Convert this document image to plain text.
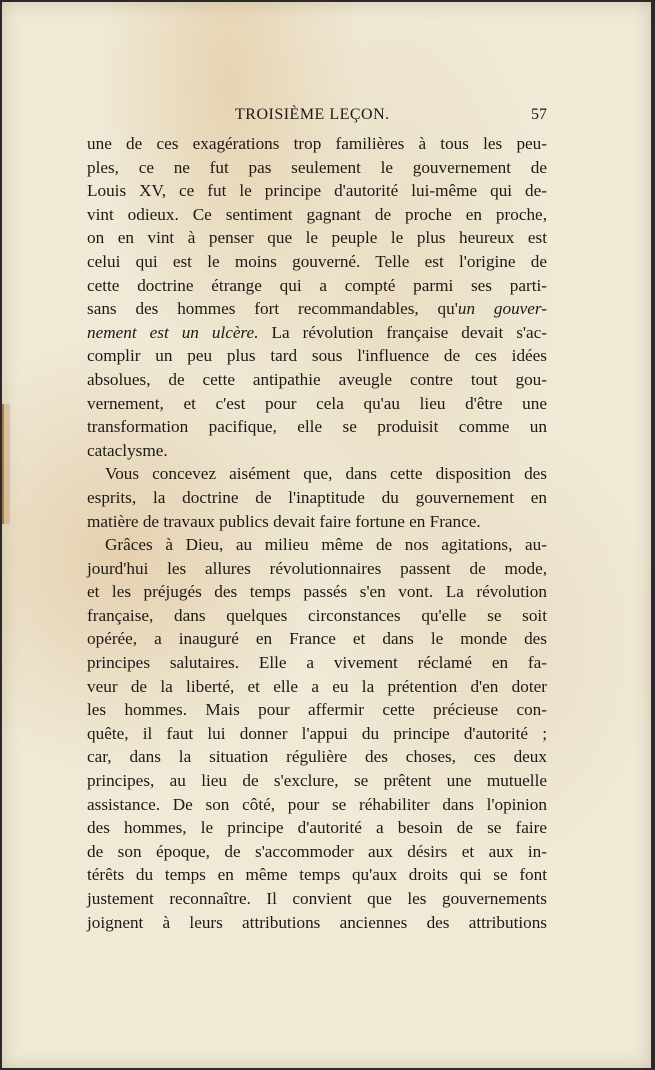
TROISIÈME LEÇON.	57
une de ces exagérations trop familières à tous les peu-
ples, ce ne fut pas seulement le gouvernement de
Louis XV, ce fut le principe d'autorité lui-même qui de-
vint odieux. Ce sentiment gagnant de proche en proche,
on en vint à penser que le peuple le plus heureux est
celui qui est le moins gouverné. Telle est l'origine de
cette doctrine étrange qui a compté parmi ses parti-
sans des hommes fort recommandables, qu'un gouver-
nement est un ulcère. La révolution française devait s'ac-
complir un peu plus tard sous l'influence de ces idées
absolues, de cette antipathie aveugle contre tout gou-
vernement, et c'est pour cela qu'au lieu d'être une
transformation pacifique, elle se produisit comme un
cataclysme.
Vous concevez aisément que, dans cette disposition des
esprits, la doctrine de l'inaptitude du gouvernement en
matière de travaux publics devait faire fortune en France.
Grâces à Dieu, au milieu même de nos agitations, au-
jourd'hui les allures révolutionnaires passent de mode,
et les préjugés des temps passés s'en vont. La révolution
française, dans quelques circonstances qu'elle se soit
opérée, a inauguré en France et dans le monde des
principes salutaires. Elle a vivement réclamé en fa-
veur de la liberté, et elle a eu la prétention d'en doter
les hommes. Mais pour affermir cette précieuse con-
quête, il faut lui donner l'appui du principe d'autorité ;
car, dans la situation régulière des choses, ces deux
principes, au lieu de s'exclure, se prêtent une mutuelle
assistance. De son côté, pour se réhabiliter dans l'opinion
des hommes, le principe d'autorité a besoin de se faire
de son époque, de s'accommoder aux désirs et aux in-
térêts du temps en même temps qu'aux droits qui se font
justement reconnaître. Il convient que les gouvernements
joignent à leurs attributions anciennes des attributions
